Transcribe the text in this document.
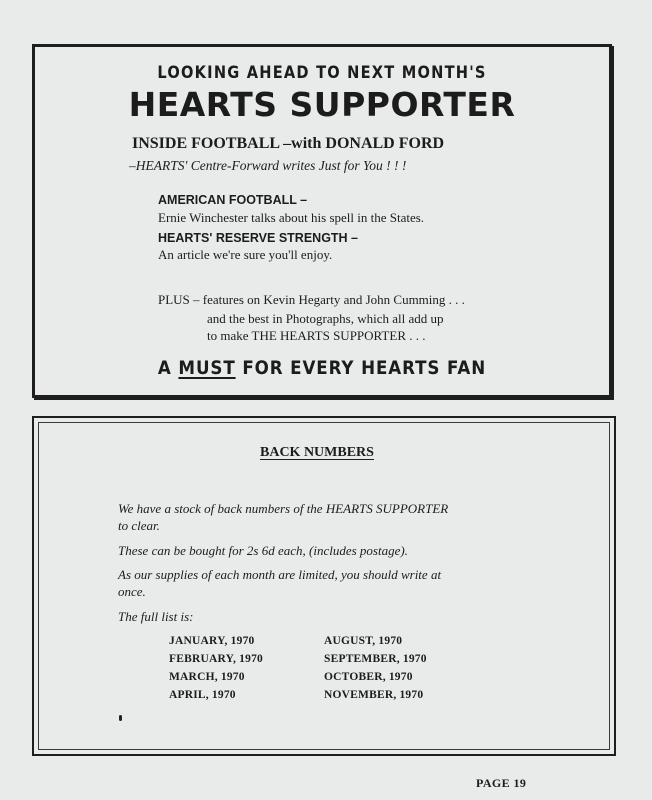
LOOKING AHEAD TO NEXT MONTH'S
HEARTS SUPPORTER
INSIDE FOOTBALL –with DONALD FORD
–HEARTS' Centre-Forward writes Just for You ! ! !
AMERICAN FOOTBALL –
Ernie Winchester talks about his spell in the States.
HEARTS' RESERVE STRENGTH –
An article we're sure you'll enjoy.
PLUS – features on Kevin Hegarty and John Cumming . . .
and the best in Photographs, which all add up
to make THE HEARTS SUPPORTER . . .
A MUST FOR EVERY HEARTS FAN
BACK NUMBERS
We have a stock of back numbers of the HEARTS SUPPORTER
to clear.
These can be bought for 2s 6d each, (includes postage).
As our supplies of each month are limited, you should write at
once.
The full list is:
JANUARY, 1970
FEBRUARY, 1970
MARCH, 1970
APRIL, 1970
AUGUST, 1970
SEPTEMBER, 1970
OCTOBER, 1970
NOVEMBER, 1970
PAGE 19
